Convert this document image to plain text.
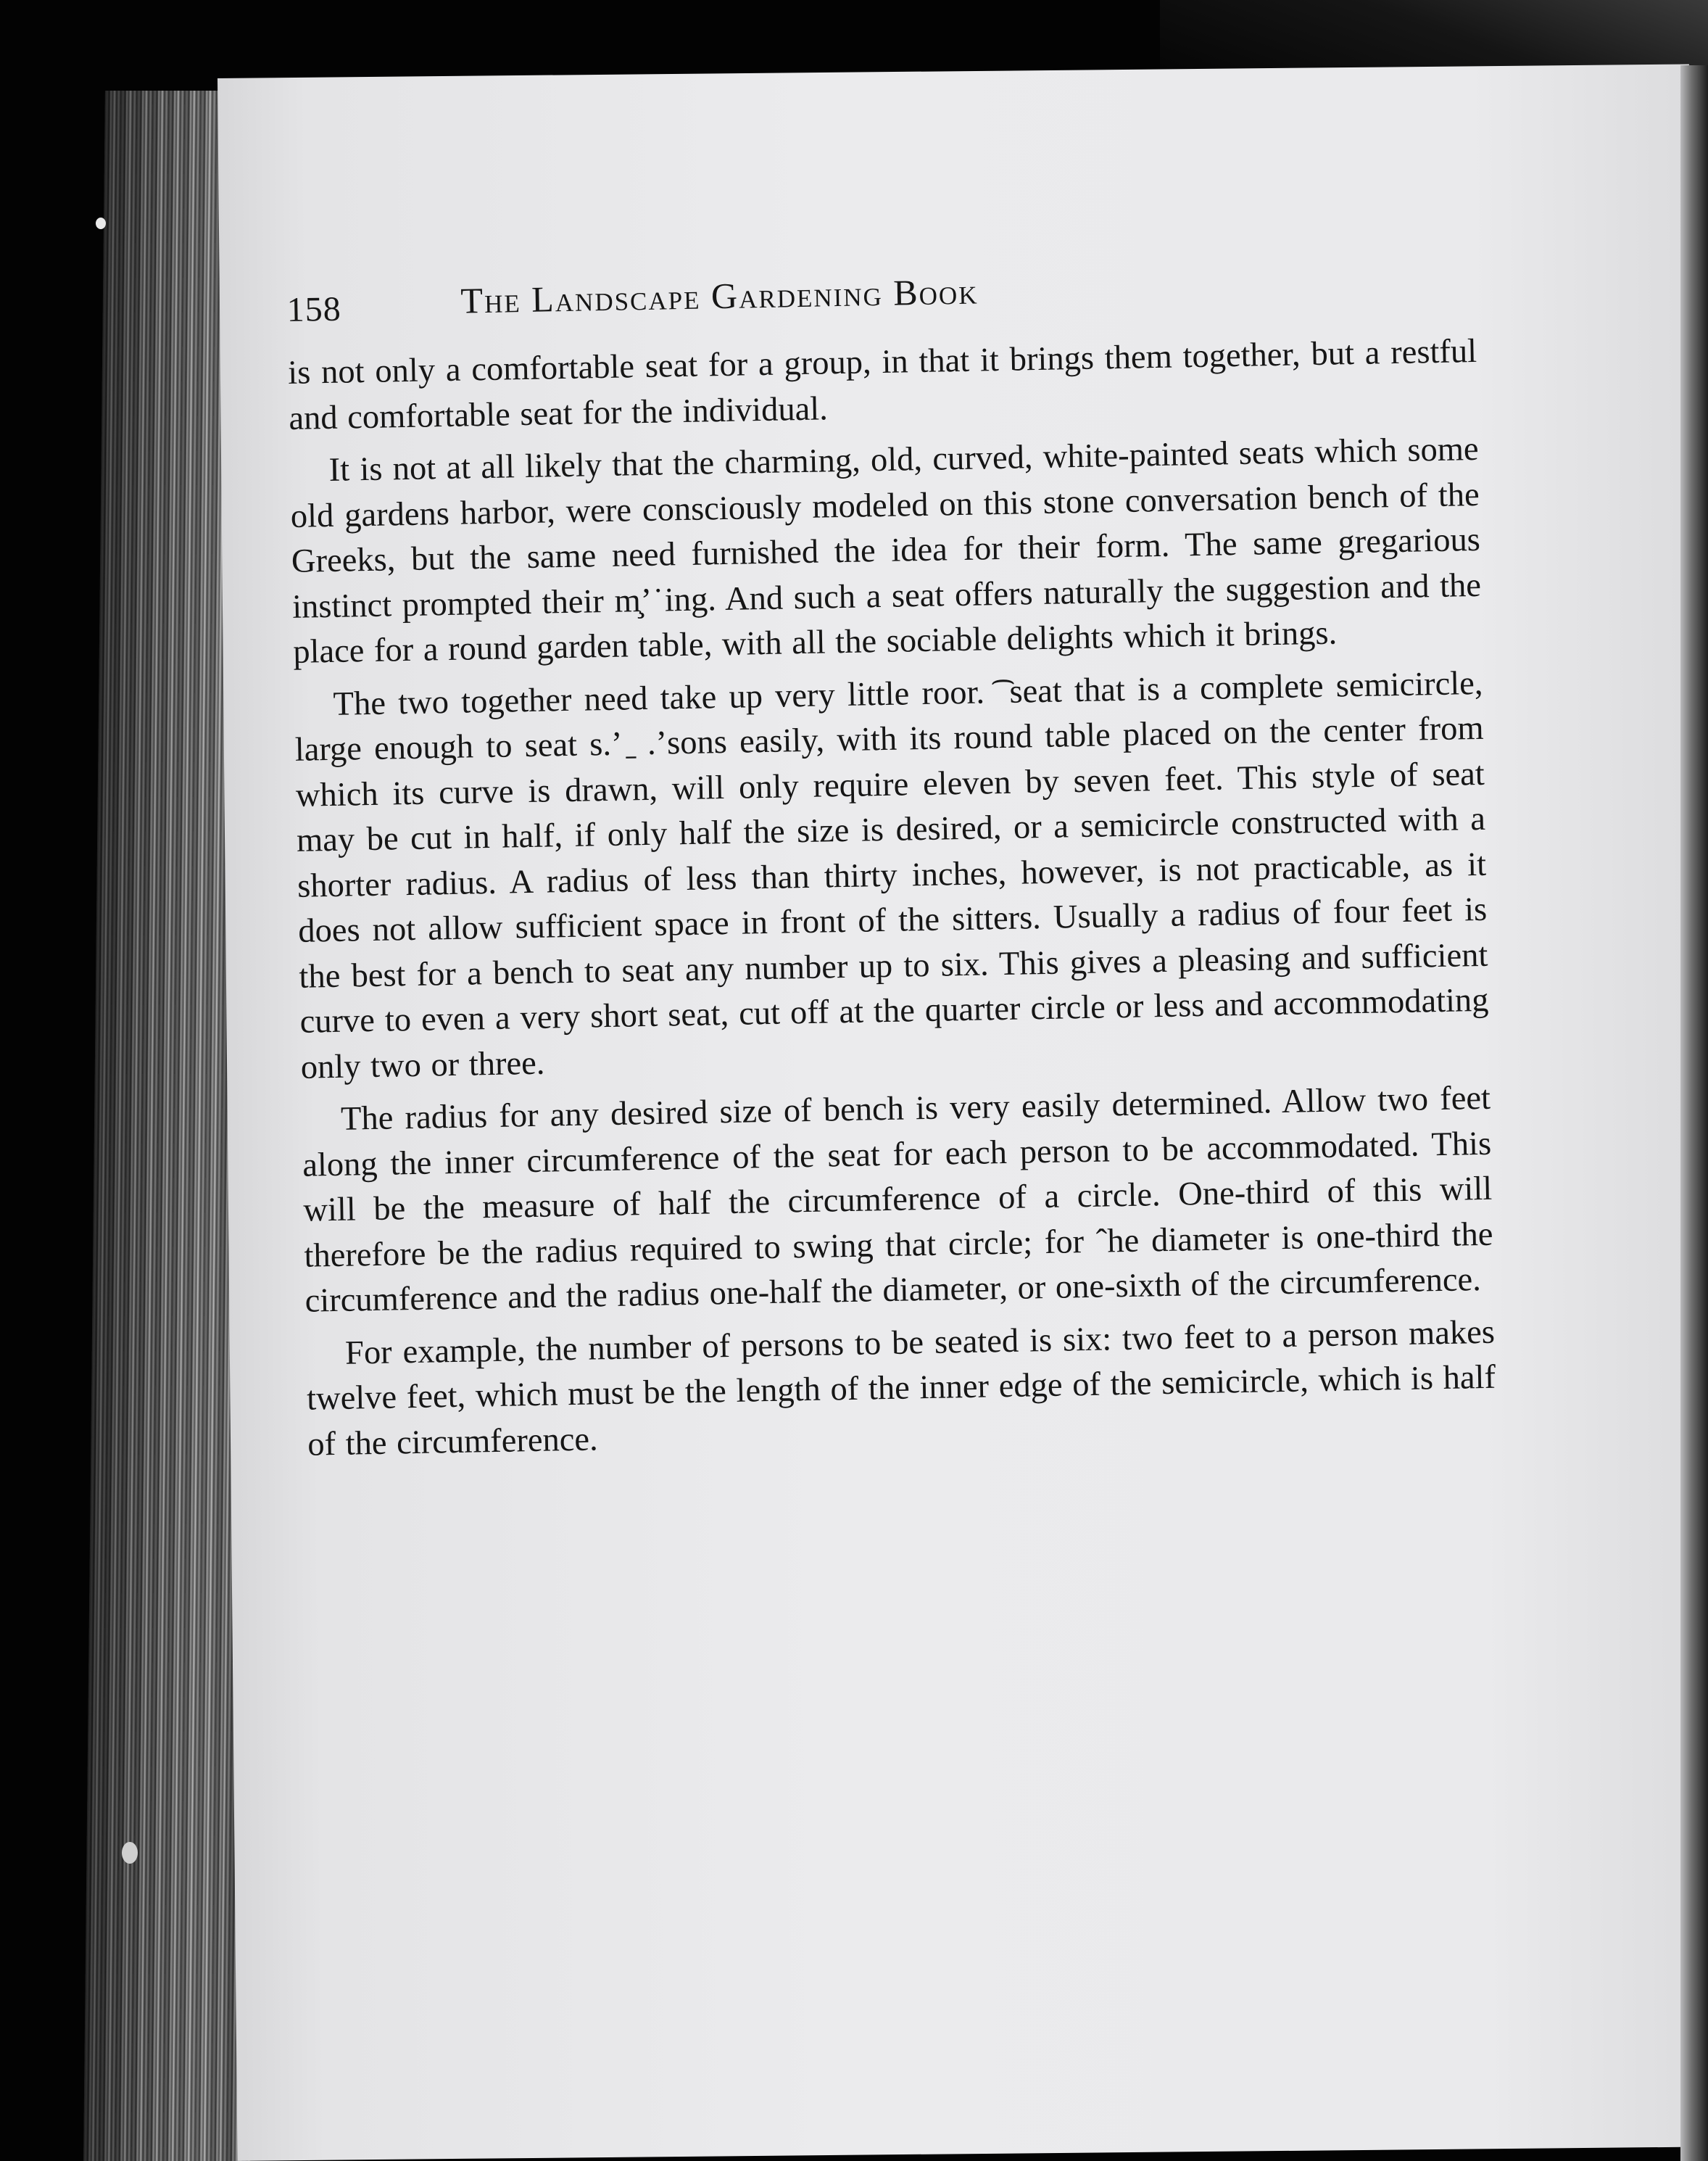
158	The Landscape Gardening Book

is not only a comfortable seat for a group, in that it brings them together, but a restful and comfortable seat for the individual.

It is not at all likely that the charming, old, curved, white-painted seats which some old gardens harbor, were consciously modeled on this stone conversation bench of the Greeks, but the same need furnished the idea for their form. The same gregarious instinct prompted their m̧ʼ˙ing. And such a seat offers naturally the suggestion and the place for a round garden table, with all the sociable delights which it brings.

The two together need take up very little roor. ͡ seat that is a complete semicircle, large enough to seat s.ʼ ̱ .ʼsons easily, with its round table placed on the center from which its curve is drawn, will only require eleven by seven feet. This style of seat may be cut in half, if only half the size is desired, or a semicircle constructed with a shorter radius. A radius of less than thirty inches, however, is not practicable, as it does not allow sufficient space in front of the sitters. Usually a radius of four feet is the best for a bench to seat any number up to six. This gives a pleasing and sufficient curve to even a very short seat, cut off at the quarter circle or less and accommodating only two or three.

The radius for any desired size of bench is very easily determined. Allow two feet along the inner circumference of the seat for each person to be accommodated. This will be the measure of half the circumference of a circle. One-third of this will therefore be the radius required to swing that circle; for ˆhe diameter is one-third the circumference and the radius one-half the diameter, or one-sixth of the circumference.

For example, the number of persons to be seated is six: two feet to a person makes twelve feet, which must be the length of the inner edge of the semicircle, which is half of the circumference.
